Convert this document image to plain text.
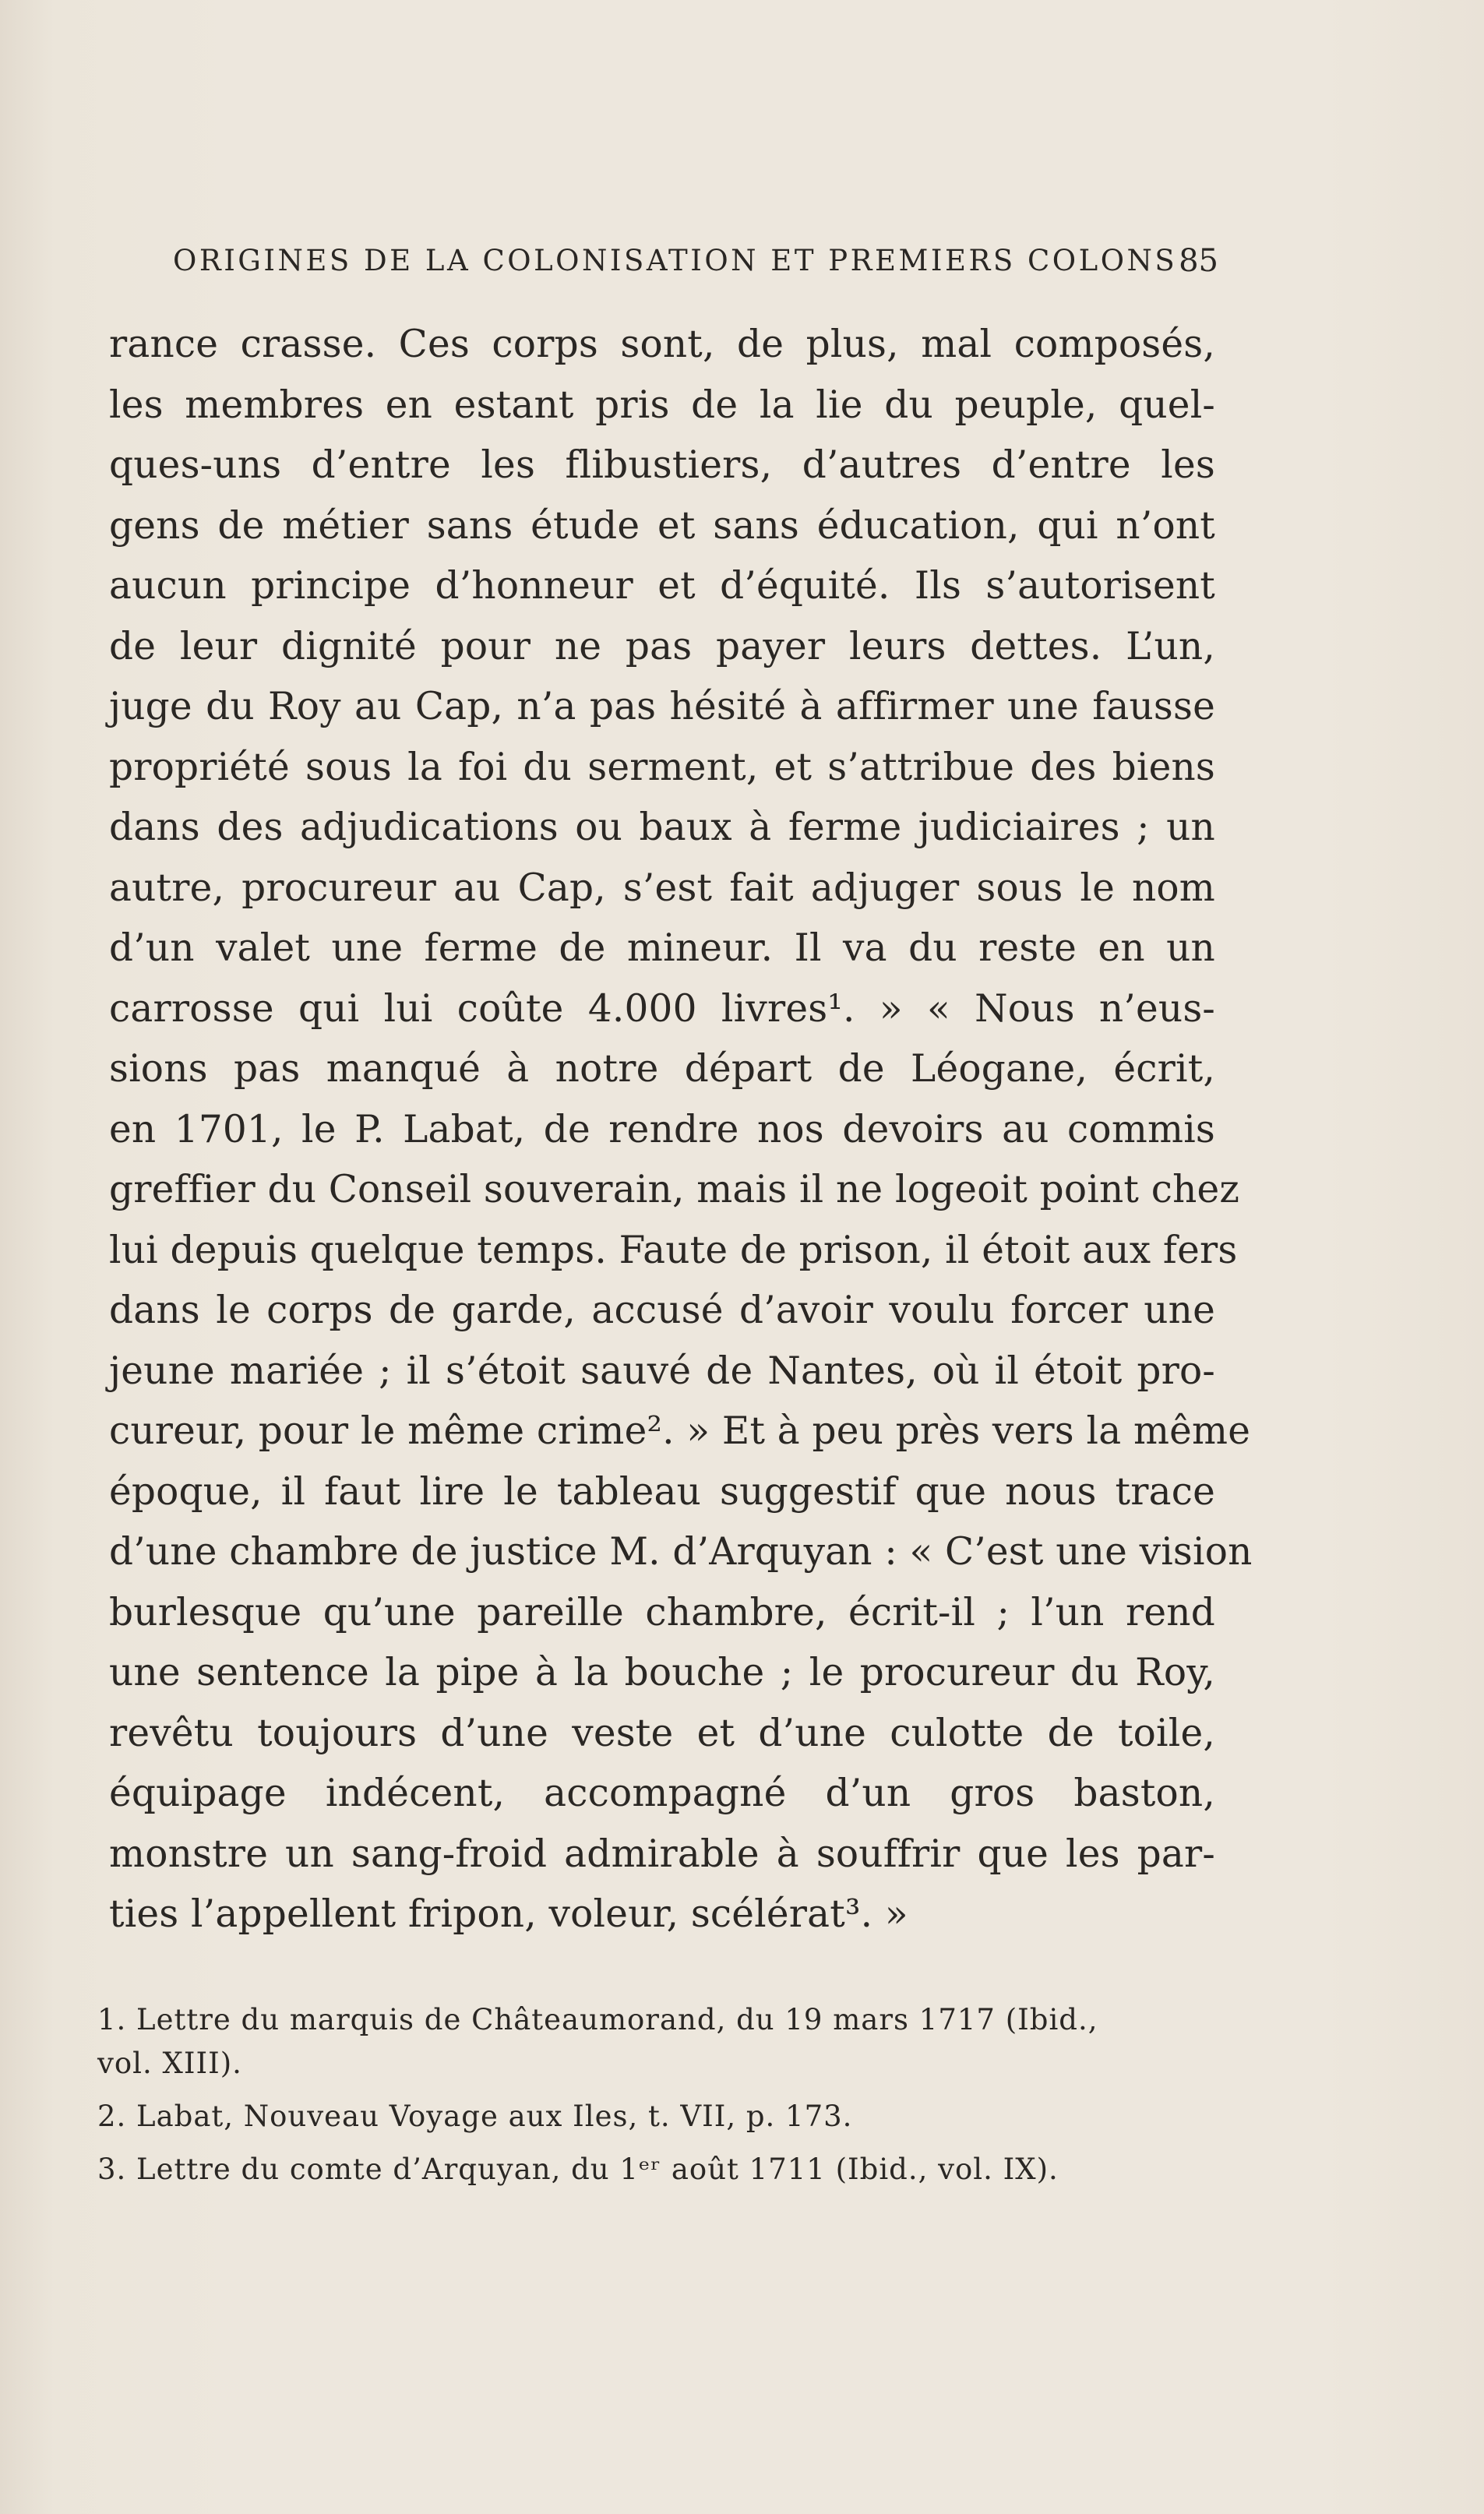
ORIGINES DE LA COLONISATION ET PREMIERS COLONS 85
rance crasse. Ces corps sont, de plus, mal composés,
les membres en estant pris de la lie du peuple, quel-
ques-uns d’entre les flibustiers, d’autres d’entre les
gens de métier sans étude et sans éducation, qui n’ont
aucun principe d’honneur et d’équité. Ils s’autorisent
de leur dignité pour ne pas payer leurs dettes. L’un,
juge du Roy au Cap, n’a pas hésité à affirmer une fausse
propriété sous la foi du serment, et s’attribue des biens
dans des adjudications ou baux à ferme judiciaires ; un
autre, procureur au Cap, s’est fait adjuger sous le nom
d’un valet une ferme de mineur. Il va du reste en un
carrosse qui lui coûte 4.000 livres¹. » « Nous n’eus-
sions pas manqué à notre départ de Léogane, écrit,
en 1701, le P. Labat, de rendre nos devoirs au commis
greffier du Conseil souverain, mais il ne logeoit point chez
lui depuis quelque temps. Faute de prison, il étoit aux fers
dans le corps de garde, accusé d’avoir voulu forcer une
jeune mariée ; il s’étoit sauvé de Nantes, où il étoit pro-
cureur, pour le même crime². » Et à peu près vers la même
époque, il faut lire le tableau suggestif que nous trace
d’une chambre de justice M. d’Arquyan : « C’est une vision
burlesque qu’une pareille chambre, écrit-il ; l’un rend
une sentence la pipe à la bouche ; le procureur du Roy,
revêtu toujours d’une veste et d’une culotte de toile,
équipage indécent, accompagné d’un gros baston,
monstre un sang-froid admirable à souffrir que les par-
ties l’appellent fripon, voleur, scélérat³. »
1. Lettre du marquis de Châteaumorand, du 19 mars 1717 (Ibid.,
vol. XIII).
2. Labat, Nouveau Voyage aux Iles, t. VII, p. 173.
3. Lettre du comte d’Arquyan, du 1ᵉʳ août 1711 (Ibid., vol. IX).
